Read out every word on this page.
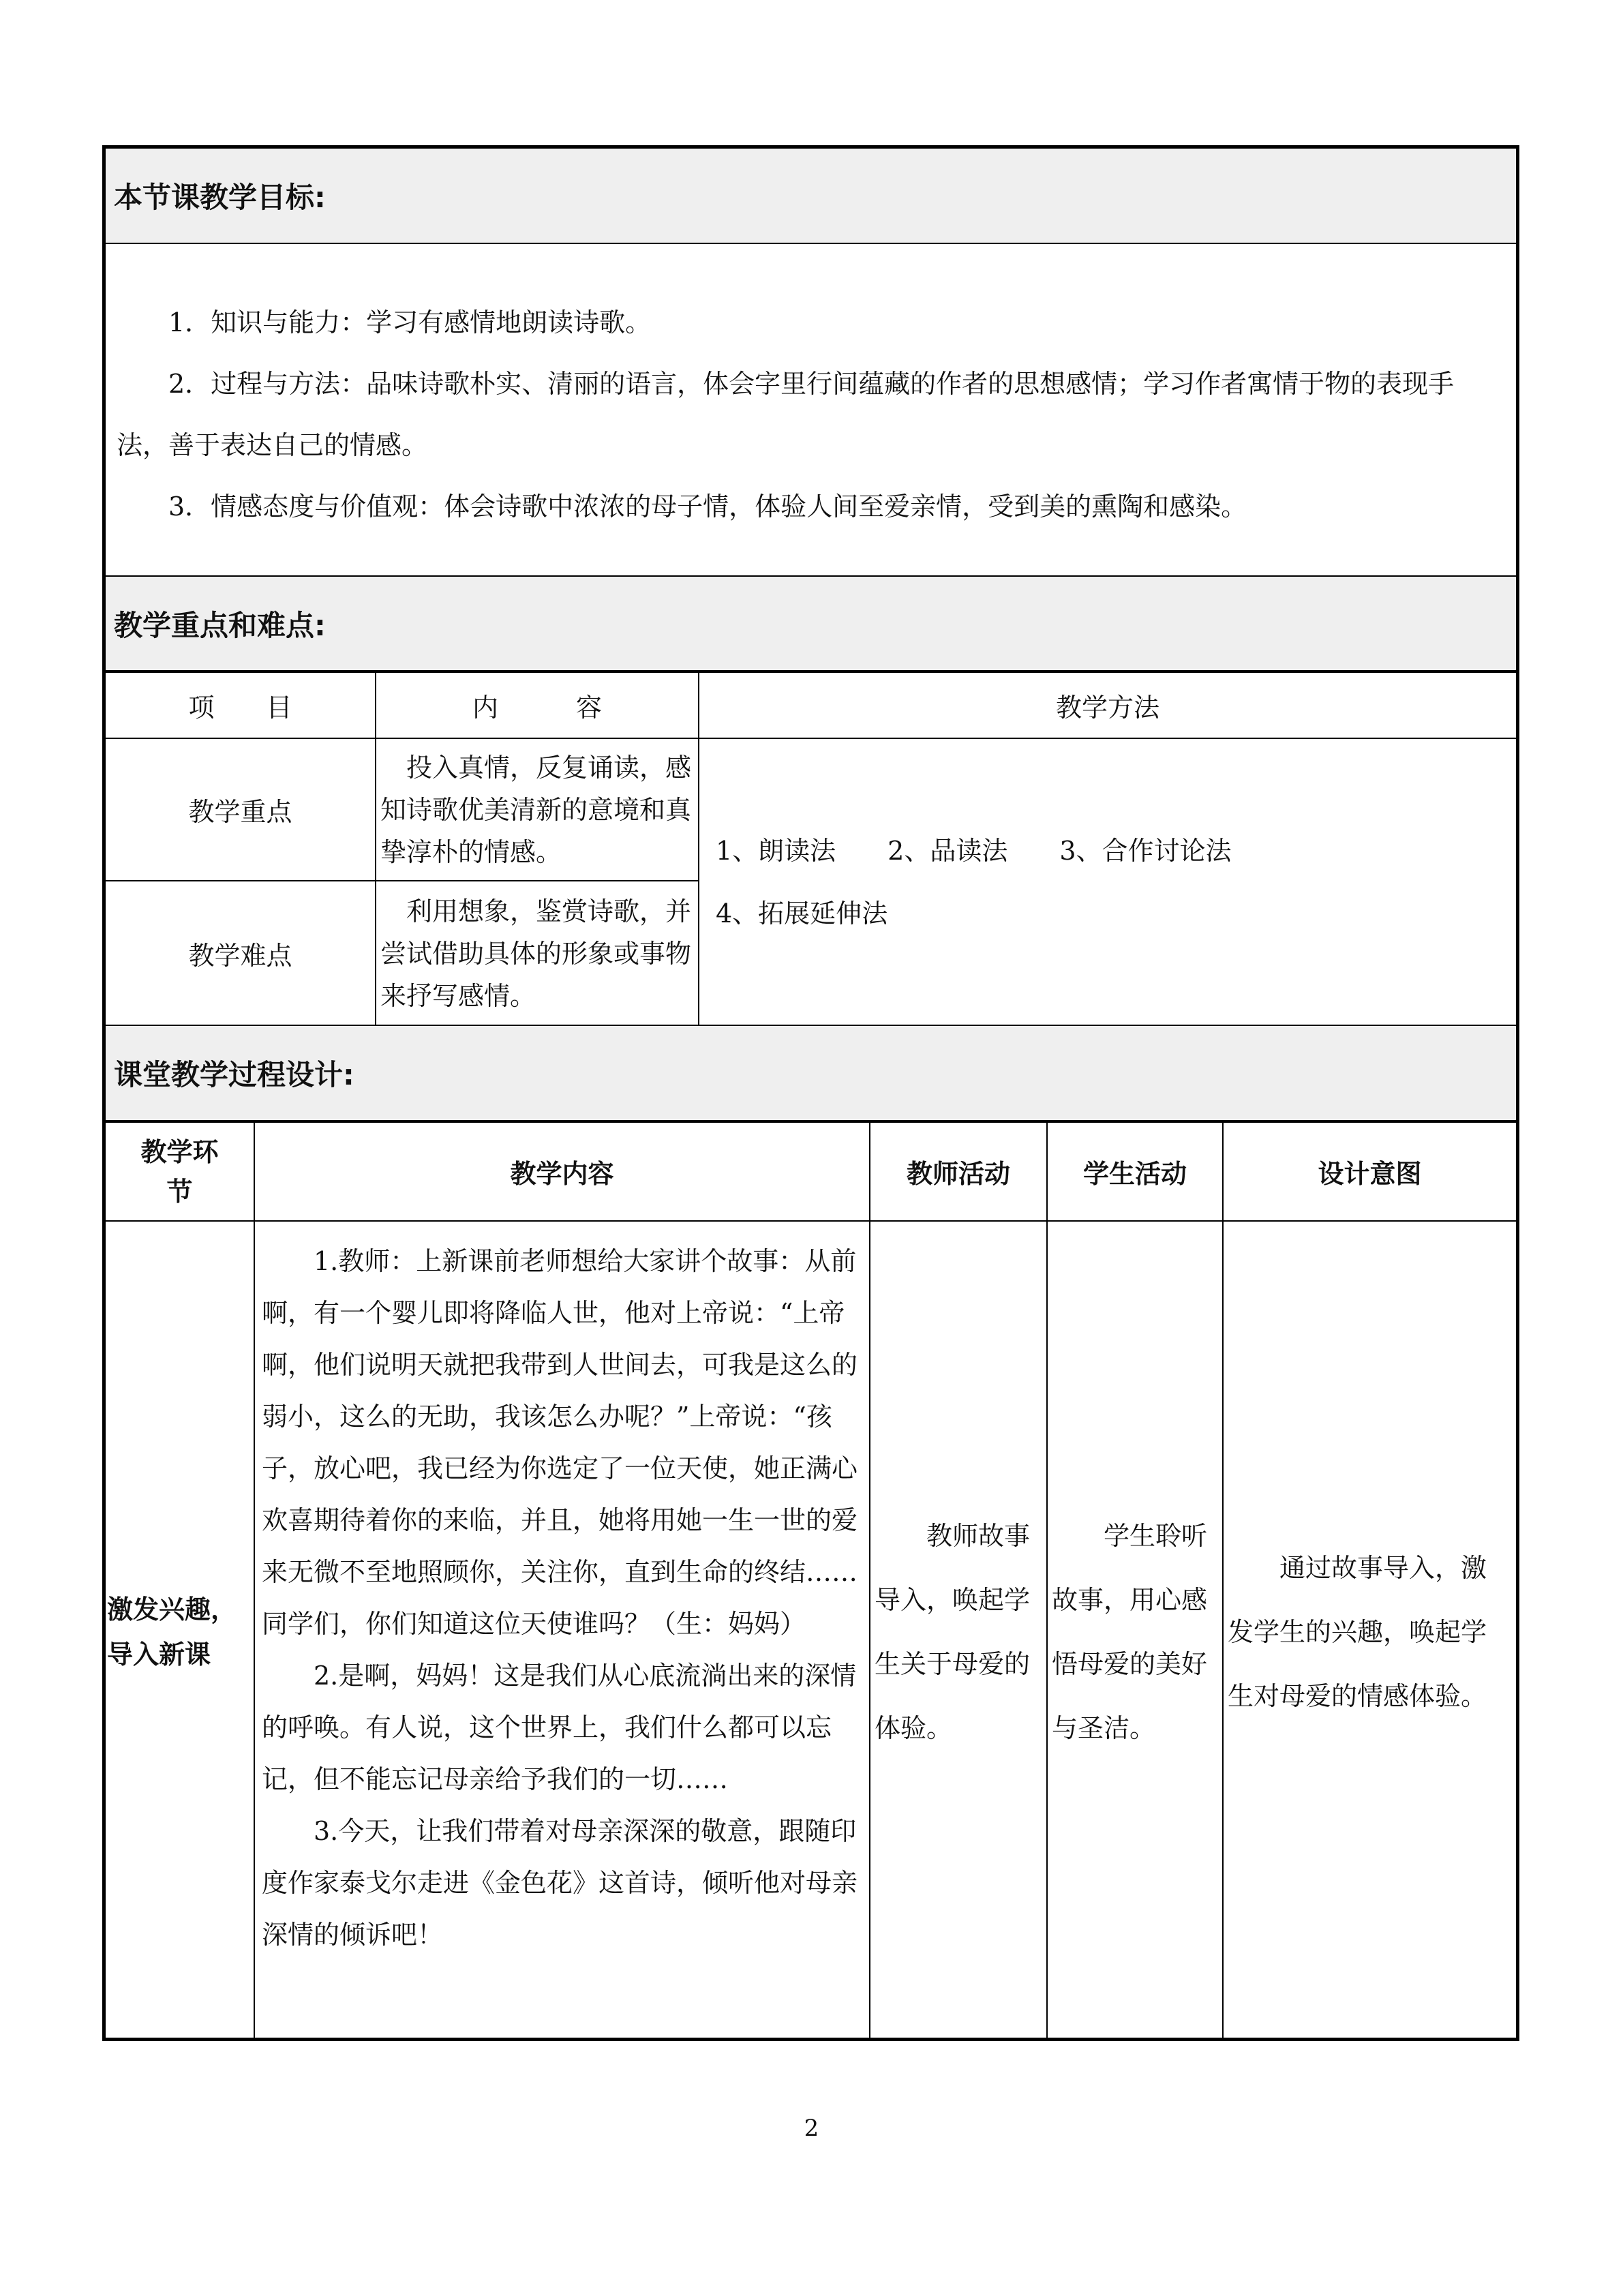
本节课教学目标:

1．知识与能力：学习有感情地朗读诗歌。

2．过程与方法：品味诗歌朴实、清丽的语言，体会字里行间蕴藏的作者的思想感情；学习作者寓情于物的表现手法，善于表达自己的情感。

3．情感态度与价值观：体会诗歌中浓浓的母子情，体验人间至爱亲情，受到美的熏陶和感染。

教学重点和难点:
项　　目	内　　　容	教学方法
教学重点	　投入真情，反复诵读，感知诗歌优美清新的意境和真挚淳朴的情感。	1、朗读法　　2、品读法　　3、合作讨论法
4、拓展延伸法

教学难点	　利用想象，鉴赏诗歌，并尝试借助具体的形象或事物来抒写感情。	
课堂教学过程设计:
教学环节	教学内容	教师活动	学生活动	设计意图
激发兴趣，导入新课	1.教师：上新课前老师想给大家讲个故事：从前啊，有一个婴儿即将降临人世，他对上帝说：“上帝啊，他们说明天就把我带到人世间去，可我是这么的弱小，这么的无助，我该怎么办呢？”上帝说：“孩子，放心吧，我已经为你选定了一位天使，她正满心欢喜期待着你的来临，并且，她将用她一生一世的爱来无微不至地照顾你，关注你，直到生命的终结……同学们，你们知道这位天使谁吗？（生：妈妈）

2.是啊，妈妈！这是我们从心底流淌出来的深情的呼唤。有人说，这个世界上，我们什么都可以忘记，但不能忘记母亲给予我们的一切……

3.今天，让我们带着对母亲深深的敬意，跟随印度作家泰戈尔走进《金色花》这首诗，倾听他对母亲深情的倾诉吧！	教师故事导入，唤起学生关于母爱的体验。	学生聆听故事，用心感悟母爱的美好与圣洁。	通过故事导入，激发学生的兴趣，唤起学生对母爱的情感体验。

2
